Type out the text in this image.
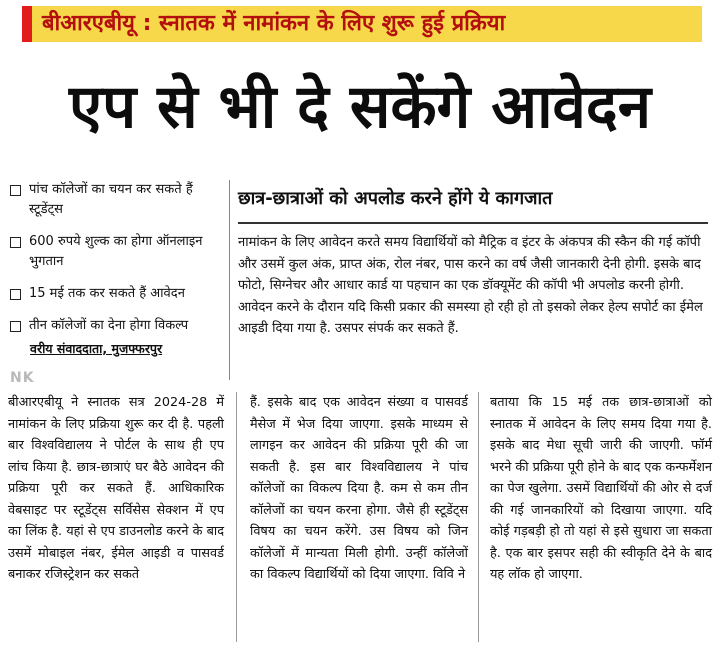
बीआरएबीयू : स्नातक में नामांकन के लिए शुरू हुई प्रक्रिया
एप से भी दे सकेंगे आवेदन
पांच कॉलेजों का चयन कर सकते हैं स्टूडेंट्स
600 रुपये शुल्क का होगा ऑनलाइन भुगतान
15 मई तक कर सकते हैं आवेदन
तीन कॉलेजों का देना होगा विकल्प
वरीय संवाददाता, मुजफ्फरपुर
NK
छात्र-छात्राओं को अपलोड करने होंगे ये कागजात
नामांकन के लिए आवेदन करते समय विद्यार्थियों को मैट्रिक व इंटर के अंकपत्र की स्कैन की गई कॉपी और उसमें कुल अंक, प्राप्त अंक, रोल नंबर, पास करने का वर्ष जैसी जानकारी देनी होगी. इसके बाद फोटो, सिग्नेचर और आधार कार्ड या पहचान का एक डॉक्यूमेंट की कॉपी भी अपलोड करनी होगी. आवेदन करने के दौरान यदि किसी प्रकार की समस्या हो रही हो तो इसको लेकर हेल्प सपोर्ट का ईमेल आइडी दिया गया है. उसपर संपर्क कर सकते हैं.
बीआरएबीयू ने स्नातक सत्र 2024-28 में नामांकन के लिए प्रक्रिया शुरू कर दी है. पहली बार विश्वविद्यालय ने पोर्टल के साथ ही एप लांच किया है. छात्र-छात्राएं घर बैठे आवेदन की प्रक्रिया पूरी कर सकते हैं. आधिकारिक वेबसाइट पर स्टूडेंट्स सर्विसेस सेक्शन में एप का लिंक है. यहां से एप डाउनलोड करने के बाद उसमें मोबाइल नंबर, ईमेल आइडी व पासवर्ड बनाकर रजिस्ट्रेशन कर सकते
हैं. इसके बाद एक आवेदन संख्या व पासवर्ड मैसेज में भेज दिया जाएगा. इसके माध्यम से लागइन कर आवेदन की प्रक्रिया पूरी की जा सकती है. इस बार विश्वविद्यालय ने पांच कॉलेजों का विकल्प दिया है. कम से कम तीन कॉलेजों का चयन करना होगा. जैसे ही स्टूडेंट्स विषय का चयन करेंगे. उस विषय को जिन कॉलेजों में मान्यता मिली होगी. उन्हीं कॉलेजों का विकल्प विद्यार्थियों को दिया जाएगा. विवि ने
बताया कि 15 मई तक छात्र-छात्राओं को स्नातक में आवेदन के लिए समय दिया गया है. इसके बाद मेधा सूची जारी की जाएगी. फॉर्म भरने की प्रक्रिया पूरी होने के बाद एक कन्फर्मेशन का पेज खुलेगा. उसमें विद्यार्थियों की ओर से दर्ज की गई जानकारियों को दिखाया जाएगा. यदि कोई गड़बड़ी हो तो यहां से इसे सुधारा जा सकता है. एक बार इसपर सही की स्वीकृति देने के बाद यह लॉक हो जाएगा.
